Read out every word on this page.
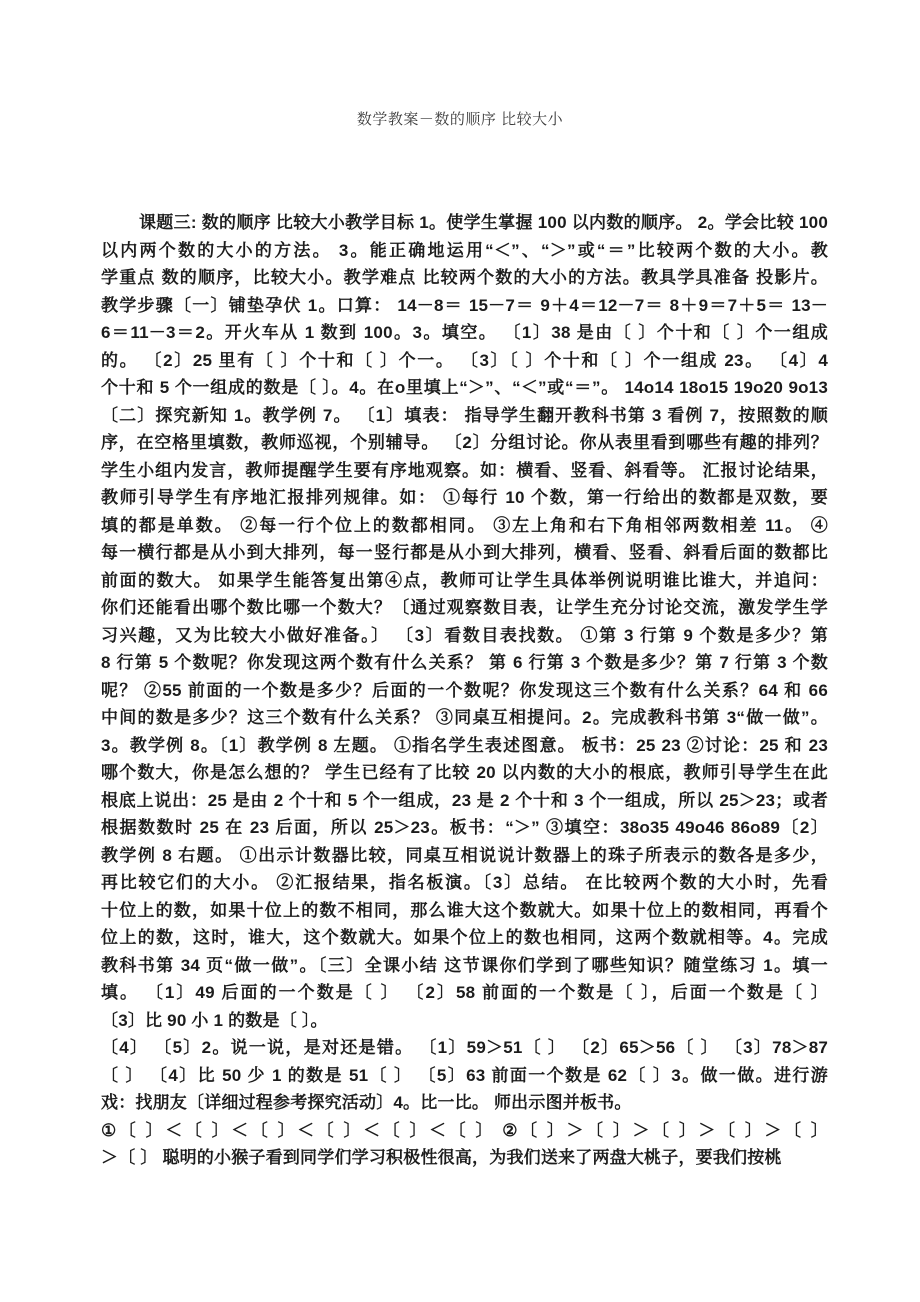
数学教案－数的顺序 比较大小
课题三: 数的顺序 比较大小教学目标 1。使学生掌握 100 以内数的顺序。 2。学会比较 100
以内两个数的大小的方法。 3。能正确地运用“＜”、“＞”或“＝”比较两个数的大小。教
学重点 数的顺序，比较大小。教学难点 比较两个数的大小的方法。教具学具准备 投影片。
教学步骤〔一〕铺垫孕伏 1。口算： 14－8＝ 15－7＝ 9＋4＝12－7＝ 8＋9＝7＋5＝ 13－
6＝11－3＝2。开火车从 1 数到 100。3。填空。 〔1〕38 是由〔 〕个十和〔 〕个一组成
的。 〔2〕25 里有〔 〕个十和〔 〕个一。 〔3〕〔 〕个十和〔 〕个一组成 23。 〔4〕4
个十和 5 个一组成的数是〔 〕。4。在o里填上“＞”、“＜”或“＝”。 14o14 18o15 19o20 9o13
〔二〕探究新知 1。教学例 7。 〔1〕填表： 指导学生翻开教科书第 3 看例 7，按照数的顺
序，在空格里填数，教师巡视，个别辅导。 〔2〕分组讨论。你从表里看到哪些有趣的排列？
学生小组内发言，教师提醒学生要有序地观察。如：横看、竖看、斜看等。 汇报讨论结果，
教师引导学生有序地汇报排列规律。如： ①每行 10 个数，第一行给出的数都是双数，要
填的都是单数。 ②每一行个位上的数都相同。 ③左上角和右下角相邻两数相差 11。 ④
每一横行都是从小到大排列，每一竖行都是从小到大排列，横看、竖看、斜看后面的数都比
前面的数大。 如果学生能答复出第④点，教师可让学生具体举例说明谁比谁大，并追问：
你们还能看出哪个数比哪一个数大？〔通过观察数目表，让学生充分讨论交流，激发学生学
习兴趣，又为比较大小做好准备。〕 〔3〕看数目表找数。 ①第 3 行第 9 个数是多少？第
8 行第 5 个数呢？你发现这两个数有什么关系？ 第 6 行第 3 个数是多少？第 7 行第 3 个数
呢？ ②55 前面的一个数是多少？后面的一个数呢？你发现这三个数有什么关系？64 和 66
中间的数是多少？这三个数有什么关系？ ③同桌互相提问。2。完成教科书第 3“做一做”。
3。教学例 8。〔1〕教学例 8 左题。 ①指名学生表述图意。 板书：25 23 ②讨论：25 和 23
哪个数大，你是怎么想的？ 学生已经有了比较 20 以内数的大小的根底，教师引导学生在此
根底上说出：25 是由 2 个十和 5 个一组成，23 是 2 个十和 3 个一组成，所以 25＞23；或者
根据数数时 25 在 23 后面，所以 25＞23。板书：“＞” ③填空：38o35 49o46 86o89〔2〕
教学例 8 右题。 ①出示计数器比较，同桌互相说说计数器上的珠子所表示的数各是多少，
再比较它们的大小。 ②汇报结果，指名板演。〔3〕总结。 在比较两个数的大小时，先看
十位上的数，如果十位上的数不相同，那么谁大这个数就大。如果十位上的数相同，再看个
位上的数，这时，谁大，这个数就大。如果个位上的数也相同，这两个数就相等。4。完成
教科书第 34 页“做一做”。〔三〕全课小结 这节课你们学到了哪些知识？随堂练习 1。填一
填。 〔1〕49 后面的一个数是〔 〕 〔2〕58 前面的一个数是〔 〕，后面一个数是〔 〕
〔3〕比 90 小 1 的数是〔 〕。
〔4〕 〔5〕2。说一说，是对还是错。 〔1〕59＞51〔 〕 〔2〕65＞56〔 〕 〔3〕78＞87
〔 〕 〔4〕比 50 少 1 的数是 51〔 〕 〔5〕63 前面一个数是 62〔 〕3。做一做。进行游
戏：找朋友〔详细过程参考探究活动〕4。比一比。 师出示图并板书。
①〔 〕＜〔 〕＜〔 〕＜〔 〕＜〔 〕＜〔 〕 ②〔 〕＞〔 〕＞〔 〕＞〔 〕＞〔 〕
＞〔 〕 聪明的小猴子看到同学们学习积极性很高，为我们送来了两盘大桃子，要我们按桃
